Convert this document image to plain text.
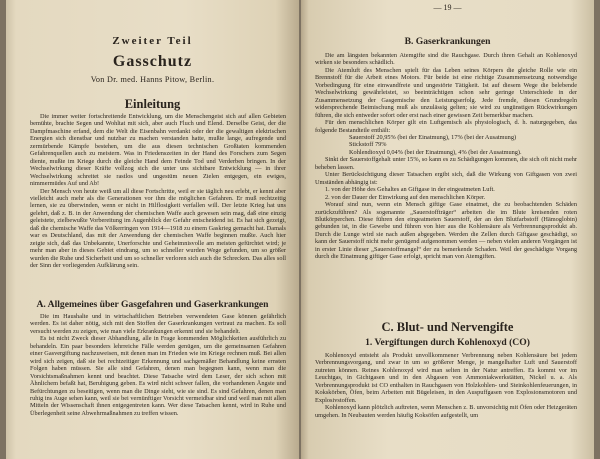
Zweiter Teil
Gasschutz
Von Dr. med. Hanns Pitow, Berlin.
Einleitung

Die immer weiter fortschreitende Entwicklung, um die Menschengeist sich auf allen Gebieten bemühte, brachte Segen und Wohltat mit sich, aber auch Fluch und Elend. Derselbe Geist, der die Dampfmaschine erfand, dem die Welt die Eisenbahn verdankt oder der die gewaltigen elektrischen Energien sich dienstbar und nutzbar zu machen verstanden hatte, mußte lange, aufregende und zermürbende Kämpfe bestehen, um die aus diesen technischen Großtaten kommenden Gefahrenquellen auch zu meistern. Was in Friedenszeiten in der Hand des Forschers zum Segen diente, mußte im Kriege durch die gleiche Hand dem Feinde Tod und Verderben bringen. In der Wechselwirkung dieser Kräfte vollzog sich die unter uns sichtbare Entwicklung — in ihrer Wechselwirkung schreitet sie rastlos und ungestüm neuen Zielen entgegen, ein ewiges, nimmermüdes Auf und Ab!

Der Mensch von heute weiß um all diese Fortschritte, weil er sie täglich neu erlebt, er kennt aber vielleicht auch mehr als die Generationen vor ihm die möglichen Gefahren. Er muß rechtzeitig lernen, sie zu überwinden, wenn er nicht in Hilflosigkeit verfallen will. Der letzte Krieg hat uns gelehrt, daß z. B. in der Anwendung der chemischen Waffe auch gewesen sein mag, daß eine einzig geleistete, zielbewußte Vorbereitung im Augenblick der Gefahr entscheidend ist. Es hat sich gezeigt, daß die chemische Waffe das Völkerringen von 1914—1918 zu einem Gaskrieg gemacht hat. Damals war es Deutschland, das mit der Anwendung der chemischen Waffe beginnen mußte. Auch hier zeigte sich, daß das Unbekannte, Unerforschte und Geheimnisvolle am meisten gefürchtet wird; je mehr man aber in dieses Gebiet eindrang, um so schneller wurden Wege gefunden, um so größer wurden die Ruhe und Sicherheit und um so schneller verloren sich auch die Schrecken. Das alles soll der Sinn der vorliegenden Aufklärung sein.

A. Allgemeines über Gasgefahren und Gaserkrankungen

Die im Haushalte und in wirtschaftlichen Betrieben verwendeten Gase können gefährlich werden. Es ist daher nötig, sich mit den Stoffen der Gaserkrankungen vertraut zu machen. Es soll versucht werden zu zeigen, wie man viele Erkrankungen erkennt und sie behandelt.

Es ist nicht Zweck dieser Abhandlung, alle in Frage kommenden Möglichkeiten ausführlich zu behandeln. Ein paar besonders lehrreiche Fälle werden genügen, um die gemeinsamen Gefahren einer Gasvergiftung nachzuweisen, mit denen man im Frieden wie im Kriege rechnen muß. Bei allen wird sich zeigen, daß sie bei rechtzeitiger Erkennung und sachgemäßer Behandlung keine ernsten Folgen haben müssen. Sie alle sind Gefahren, denen man begegnen kann, wenn man die Vorsichtsmaßnahmen kennt und beachtet. Diese Tatsache wird dem Leser, der sich schon mit Ähnlichem befaßt hat, Beruhigung geben. Es wird nicht schwer fallen, die vorhandenen Ängste und Befürchtungen zu beseitigen, wenn man die Dinge sieht, wie sie sind. Es sind Gefahren, denen man ruhig ins Auge sehen kann, weil sie bei vernünftiger Vorsicht vermeidbar sind und weil man mit allen Mitteln der Wissenschaft ihnen entgegentreten kann. Wer diese Tatsachen kennt, wird in Ruhe und Überlegenheit seine Abwehrmaßnahmen zu treffen wissen.

— 19 —
B. Gaserkrankungen

Die am längsten bekannten Atemgifte sind die Rauchgase. Durch ihren Gehalt an Kohlenoxyd wirken sie besonders schädlich.

Die Atemluft des Menschen spielt für das Leben seines Körpers die gleiche Rolle wie ein Brennstoff für die Arbeit eines Motors. Für beide ist eine richtige Zusammensetzung notwendige Vorbedingung für eine einwandfreie und ungestörte Tätigkeit. Ist auf diesem Wege die belebende Wechselwirkung gewährleistet, so beeinträchtigen schon sehr geringe Unterschiede in der Zusammensetzung der Gasgemische den Leistungserfolg. Jede fremde, diesen Grundregeln widersprechende Beimischung muß als unzulässig gelten; sie wird zu ungünstigen Rückwirkungen führen, die sich entweder sofort oder erst nach einer gewissen Zeit bemerkbar machen.

Für den menschlichen Körper gilt ein Luftgemisch als physiologisch, d. h. naturgegeben, das folgende Bestandteile enthält:

Sauerstoff 20,95% (bei der Einatmung), 17% (bei der Ausatmung)

Stickstoff 79%

Kohlendioxyd 0,04% (bei der Einatmung), 4% (bei der Ausatmung).

Sinkt der Sauerstoffgehalt unter 15%, so kann es zu Schädigungen kommen, die sich oft nicht mehr beheben lassen.

Unter Berücksichtigung dieser Tatsachen ergibt sich, daß die Wirkung von Giftgasen von zwei Umständen abhängig ist:

1. von der Höhe des Gehaltes an Giftgase in der eingeatmeten Luft.

2. von der Dauer der Einwirkung auf den menschlichen Körper.

Worauf sind nun, wenn ein Mensch giftige Gase einatmet, die zu beobachtenden Schäden zurückzuführen? Als sogenannte „Sauerstoffträger“ arbeiten die im Blute kreisenden roten Blutkörperchen. Diese führen den eingeatmeten Sauerstoff, der an den Blutfarbstoff (Hämoglobin) gebunden ist, in die Gewebe und führen von hier aus die Kohlensäure als Verbrennungsprodukt ab. Durch die Lunge wird sie nach außen abgegeben. Werden die Zellen durch Giftgase geschädigt, so kann der Sauerstoff nicht mehr genügend aufgenommen werden — neben vielen anderen Vorgängen ist in erster Linie dieser „Sauerstoffmangel“ der zu bemerkende Schaden. Weil der geschädigte Vorgang durch die Einatmung giftiger Gase erfolgt, spricht man von Atemgiften.

C. Blut- und Nervengifte
1. Vergiftungen durch Kohlenoxyd (CO)

Kohlenoxyd entsteht als Produkt unvollkommener Verbrennung neben Kohlensäure bei jedem Verbrennungsvorgang, und zwar in um so größerer Menge, je mangelhafter Luft und Sauerstoff zutreten können. Reines Kohlenoxyd wird man selten in der Natur antreffen. Es kommt vor im Leuchtgas, in Gichtgasen und in den Abgasen von Ammoniakwerkstätten, Nickel u. a. Als Verbrennungsprodukt ist CO enthalten in Rauchgasen von Holzkohlen- und Steinkohlenfeuerungen, in Kokskörben, Öfen, beim Arbeiten mit Bügeleisen, in den Auspuffgasen von Explosionsmotoren und Explosivstoffen.

Kohlenoxyd kann plötzlich auftreten, wenn Menschen z. B. unvorsichtig mit Öfen oder Heizgeräten umgehen. In Neubauten werden häufig Koksöfen aufgestellt, um
